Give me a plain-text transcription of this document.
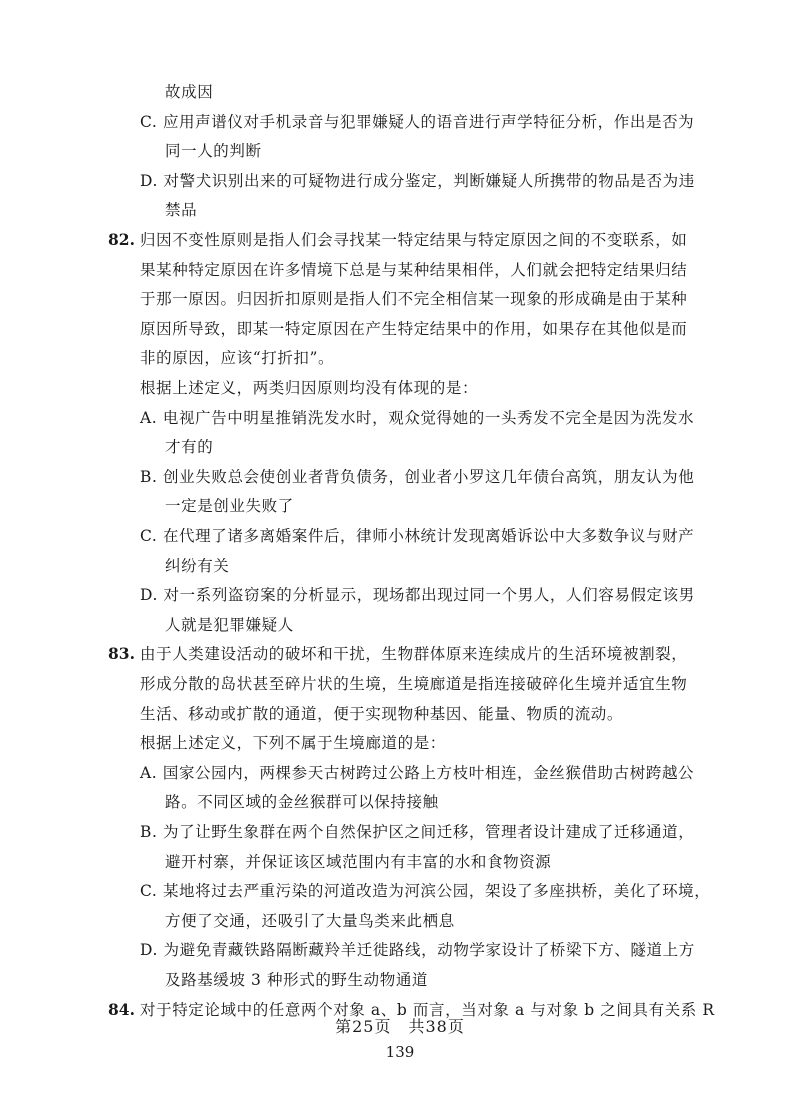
故成因
C. 应用声谱仪对手机录音与犯罪嫌疑人的语音进行声学特征分析，作出是否为
同一人的判断
D. 对警犬识别出来的可疑物进行成分鉴定，判断嫌疑人所携带的物品是否为违
禁品
82. 归因不变性原则是指人们会寻找某一特定结果与特定原因之间的不变联系，如
果某种特定原因在许多情境下总是与某种结果相伴，人们就会把特定结果归结
于那一原因。归因折扣原则是指人们不完全相信某一现象的形成确是由于某种
原因所导致，即某一特定原因在产生特定结果中的作用，如果存在其他似是而
非的原因，应该“打折扣”。
根据上述定义，两类归因原则均没有体现的是：
A. 电视广告中明星推销洗发水时，观众觉得她的一头秀发不完全是因为洗发水
才有的
B. 创业失败总会使创业者背负债务，创业者小罗这几年债台高筑，朋友认为他
一定是创业失败了
C. 在代理了诸多离婚案件后，律师小林统计发现离婚诉讼中大多数争议与财产
纠纷有关
D. 对一系列盗窃案的分析显示，现场都出现过同一个男人，人们容易假定该男
人就是犯罪嫌疑人
83. 由于人类建设活动的破坏和干扰，生物群体原来连续成片的生活环境被割裂，
形成分散的岛状甚至碎片状的生境，生境廊道是指连接破碎化生境并适宜生物
生活、移动或扩散的通道，便于实现物种基因、能量、物质的流动。
根据上述定义，下列不属于生境廊道的是：
A. 国家公园内，两棵参天古树跨过公路上方枝叶相连，金丝猴借助古树跨越公
路。不同区域的金丝猴群可以保持接触
B. 为了让野生象群在两个自然保护区之间迁移，管理者设计建成了迁移通道，
避开村寨，并保证该区域范围内有丰富的水和食物资源
C. 某地将过去严重污染的河道改造为河滨公园，架设了多座拱桥，美化了环境，
方便了交通，还吸引了大量鸟类来此栖息
D. 为避免青藏铁路隔断藏羚羊迁徙路线，动物学家设计了桥梁下方、隧道上方
及路基缓坡 3 种形式的野生动物通道
84.
第25页　共38页
139
对于特定论域中的任意两个对象 a、b 而言，当对象 a 与对象 b 之间具有关系 R
